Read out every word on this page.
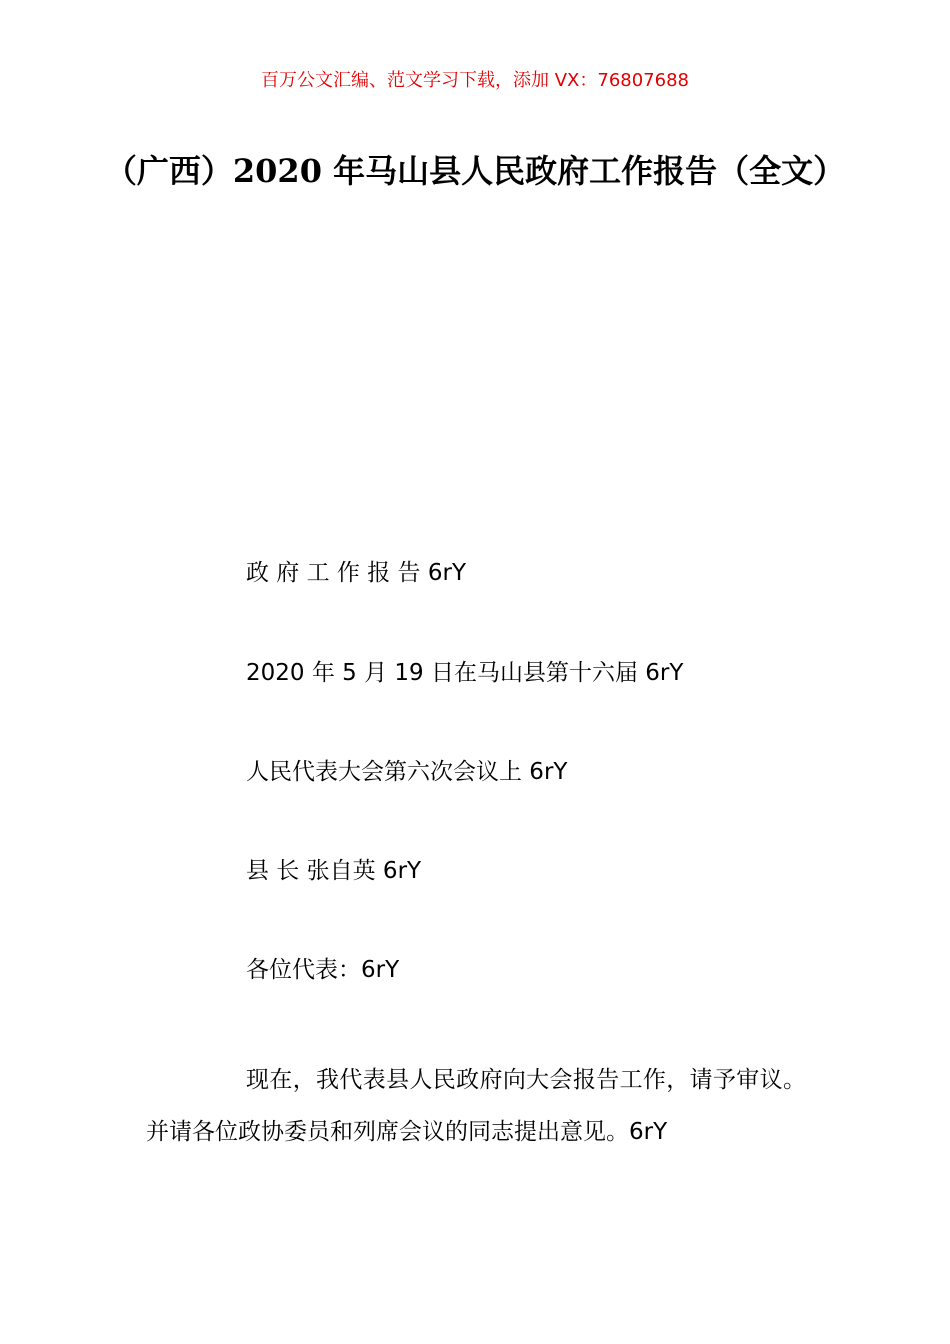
百万公文汇编、范文学习下载，添加 VX：76807688
（广西）2020 年马山县人民政府工作报告（全文）
政 府 工 作 报 告 6rY
2020 年 5 月 19 日在马山县第十六届 6rY
人民代表大会第六次会议上 6rY
县 长 张自英 6rY
各位代表：6rY
现在，我代表县人民政府向大会报告工作，请予审议。并请各位政协委员和列席会议的同志提出意见。6rY
